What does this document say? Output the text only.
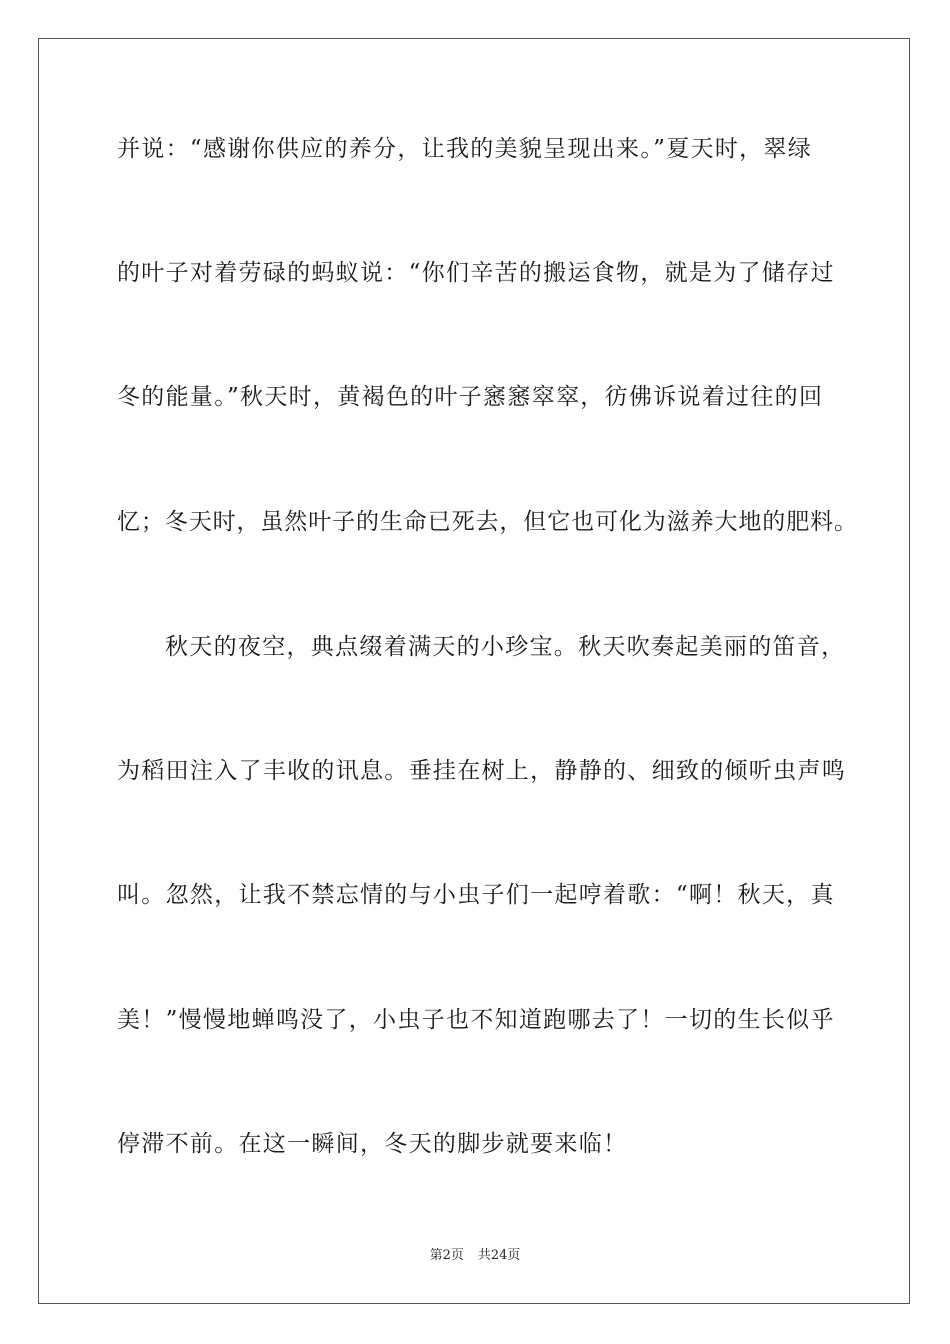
并说：“感谢你供应的养分，让我的美貌呈现出来。”夏天时，翠绿
的叶子对着劳碌的蚂蚁说：“你们辛苦的搬运食物，就是为了储存过
冬的能量。”秋天时，黄褐色的叶子窸窸窣窣，彷佛诉说着过往的回
忆；冬天时，虽然叶子的生命已死去，但它也可化为滋养大地的肥料。
秋天的夜空，典点缀着满天的小珍宝。秋天吹奏起美丽的笛音，
为稻田注入了丰收的讯息。垂挂在树上，静静的、细致的倾听虫声鸣
叫。忽然，让我不禁忘情的与小虫子们一起哼着歌：“啊！秋天，真
美！”慢慢地蝉鸣没了，小虫子也不知道跑哪去了！一切的生长似乎
停滞不前。在这一瞬间，冬天的脚步就要来临！
第2页 共24页
